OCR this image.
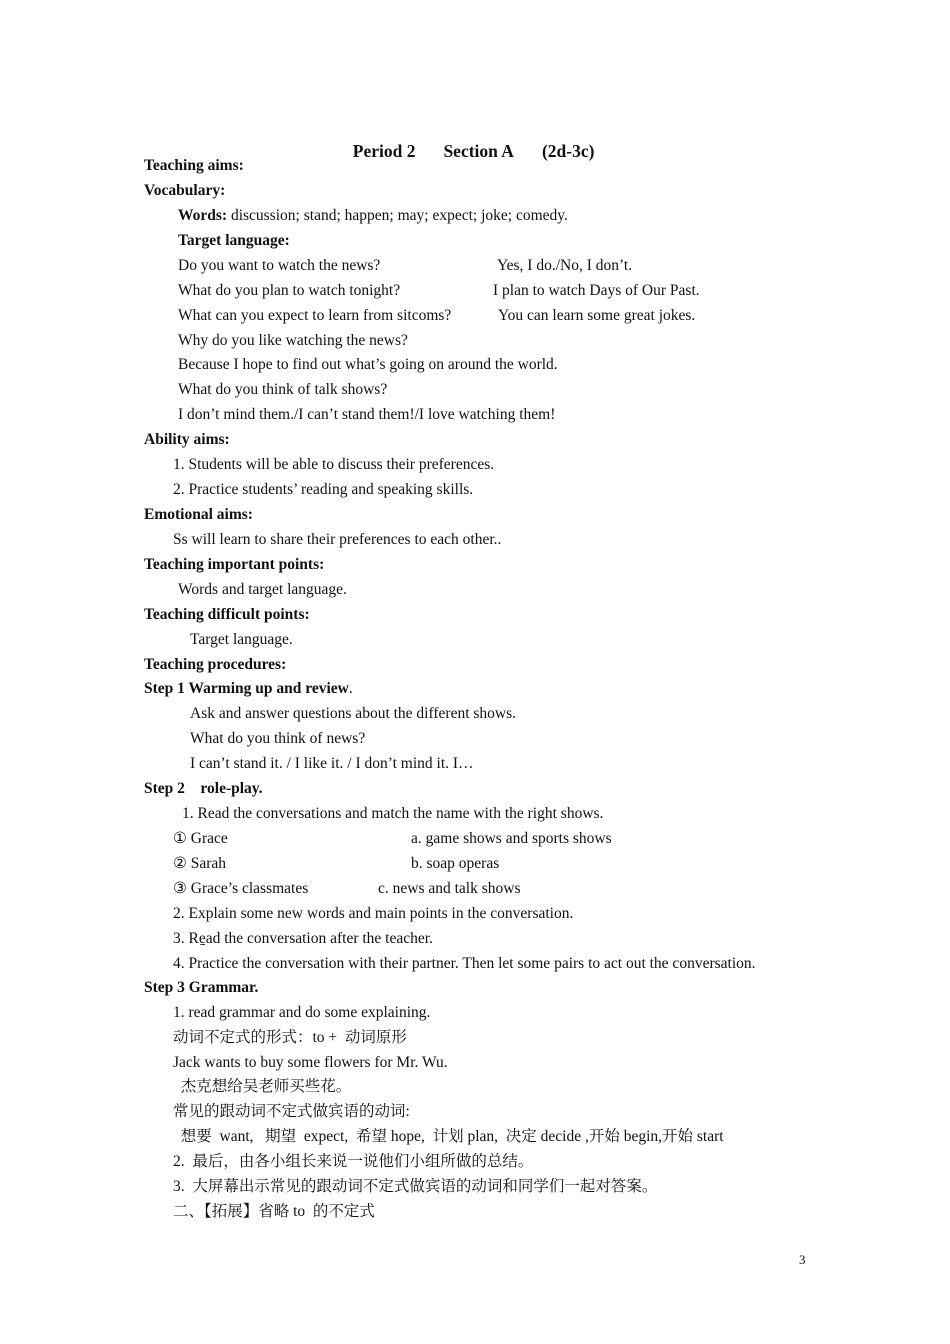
Period 2 Section A (2d-3c)

Teaching aims:
Vocabulary:
Words: discussion; stand; happen; may; expect; joke; comedy.
Target language:
Do you want to watch the news?	Yes, I do./No, I don’t.
What do you plan to watch tonight?	I plan to watch Days of Our Past.
What can you expect to learn from sitcoms?	You can learn some great jokes.
Why do you like watching the news?
Because I hope to find out what’s going on around the world.
What do you think of talk shows?
I don’t mind them./I can’t stand them!/I love watching them!
Ability aims:
1. Students will be able to discuss their preferences.
2. Practice students’ reading and speaking skills.
Emotional aims:
Ss will learn to share their preferences to each other..
Teaching important points:
Words and target language.
Teaching difficult points:
Target language.
Teaching procedures:
Step 1 Warming up and review.
Ask and answer questions about the different shows.
What do you think of news?
I can’t stand it. / I like it. / I don’t mind it. I…
Step 2    role-play.
1. Read the conversations and match the name with the right shows.
① Grace	a. game shows and sports shows
② Sarah	b. soap operas
③ Grace’s classmates	c. news and talk shows
2. Explain some new words and main points in the conversation.
3. Re̱ad the conversation after the teacher.
4. Practice the conversation with their partner. Then let some pairs to act out the conversation.
Step 3 Grammar.
1. read grammar and do some explaining.
动词不定式的形式：to +  动词原形
Jack wants to buy some flowers for Mr. Wu.
杰克想给吴老师买些花。
常见的跟动词不定式做宾语的动词:
想要  want,   期望  expect,  希望 hope,  计划 plan,  决定 decide ,开始 begin,开始 start
2.  最后，由各小组长来说一说他们小组所做的总结。
3.  大屏幕出示常见的跟动词不定式做宾语的动词和同学们一起对答案。
二、【拓展】省略 to  的不定式
3
